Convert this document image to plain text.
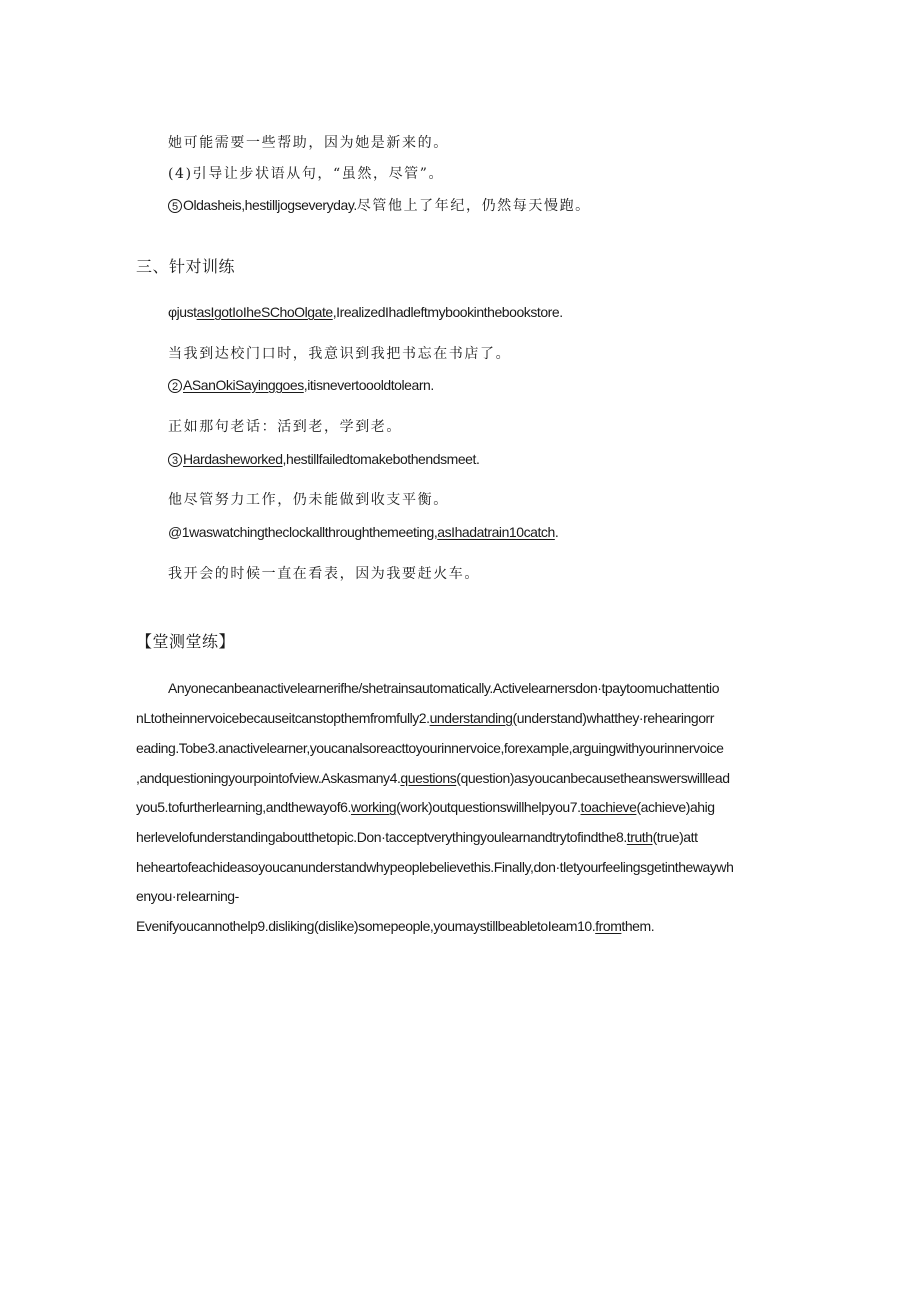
她可能需要一些帮助，因为她是新来的。
(4)引导让步状语从句，“虽然，尽管”。
5 Oldasheis,hestilljogseveryday.尽管他上了年纪，仍然每天慢跑。
三、针对训练
φjustasIgotIoIheSChoOlgate,IrealizedIhadleftmybookinthebookstore.
当我到达校门口时，我意识到我把书忘在书店了。
2 ASanOkiSayinggoes,itisnevertoooldtolearn.
正如那句老话：活到老，学到老。
3 Hardasheworked,hestillfailedtomakebothendsmeet.
他尽管努力工作，仍未能做到收支平衡。
@1waswatchingtheclockallthroughthemeeting,asIhadatrain10catch.
我开会的时候一直在看表，因为我要赶火车。
【堂测堂练】
Anyonecanbeanactivelearnerifhe/shetrainsautomatically.Activelearnersdon·tpaytoomuchattentio
nLtotheinnervoicebecauseitcanstopthemfromfully2.understanding(understand)whatthey·rehearingorr
eading.Tobe3.anactivelearner,youcanalsoreacttoyourinnervoice,forexample,arguingwithyourinnervoice
,andquestioningyourpointofview.Askasmany4.questions(question)asyoucanbecausetheanswerswilllead
you5.tofurtherlearning,andthewayof6.working(work)outquestionswillhelpyou7.toachieve(achieve)ahig
herlevelofunderstandingaboutthetopic.Don·tacceptverythingyoulearnandtrytofindthe8.truth(true)att
heheartofeachideasoyoucanunderstandwhypeoplebelievethis.Finally,don·tletyourfeelingsgetinthewaywh
enyou·reIearning-
Evenifyoucannothelp9.disliking(dislike)somepeople,youmaystillbeabletoIeam10.fromthem.
